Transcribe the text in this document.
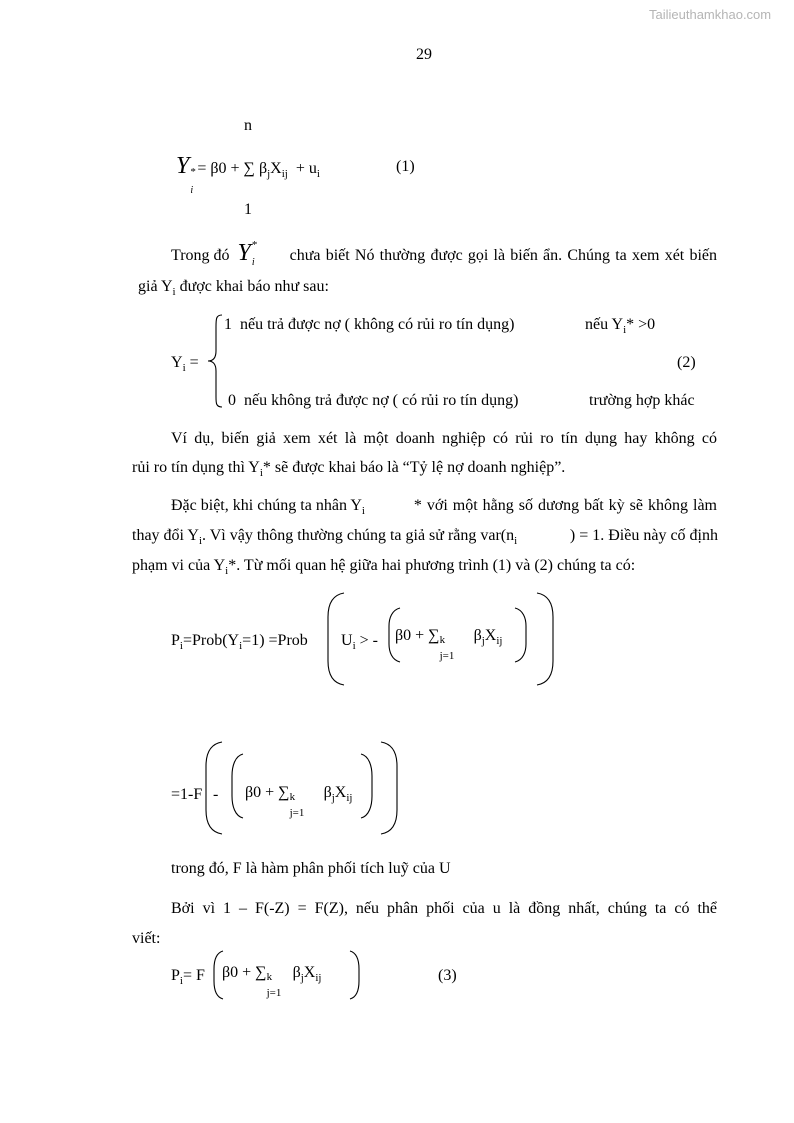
Tailieuthamkhao.com
29
n
Y *
i
= β0 + ∑ $\beta_jX_{ij} + u_i$	(1)
1
Trong đó Y *
i chưa biết Nó thường được gọi là biến ẩn. Chúng ta xem xét biến
giả $Y_i$ được khai báo như sau:
1 nếu trả được nợ ( không có rủi ro tín dụng)	nếu $Y_i* >0$
$Y_i$ =	(2)
0 nếu không trả được nợ ( có rủi ro tín dụng)	trường hợp khác
Ví dụ, biến giả xem xét là một doanh nghiệp có rủi ro tín dụng hay không có
rủi ro tín dụng thì $Y_i*$ sẽ được khai báo là “Tỷ lệ nợ doanh nghiệp”.
Đặc biệt, khi chúng ta nhân $Y_i$	* với một hằng số dương bất kỳ sẽ không làm
thay đổi $Y_i$. Vì vậy thông thường chúng ta giả sử rằng $var(n_i$	) = 1. Điều này cố định
phạm vi của $Y_i*$. Từ mối quan hệ giữa hai phương trình (1) và (2) chúng ta có:
$P_i=Prob(Y_i=1)$ =Prob $U_i$ > - β0 + ∑ k
j=1
$\beta_jX_{ij}$
=1-F - β0 + ∑ k
j=1
$\beta_jX_{ij}$
trong đó, F là hàm phân phối tích luỹ của U
Bởi vì 1 – F(-Z) = F(Z), nếu phân phối của u là đồng nhất, chúng ta có thể
viết:
$P_i= F$ β0 + ∑ k
j=1
$\beta_jX_{ij}$	(3)
